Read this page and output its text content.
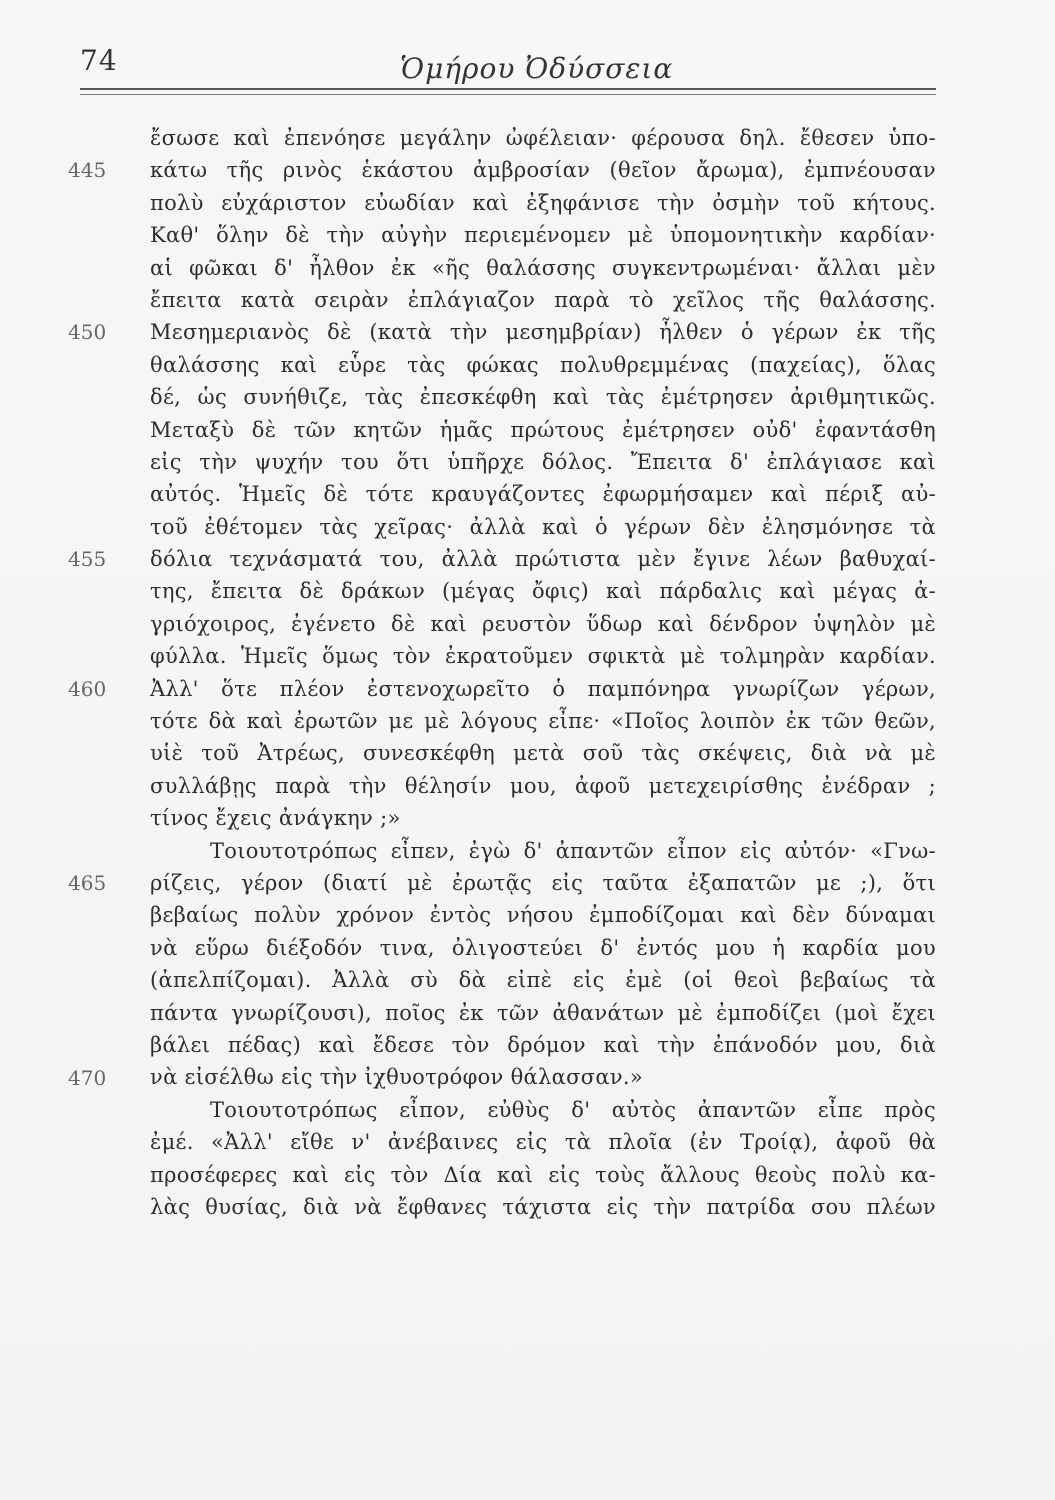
74	Ὁμήρου Ὀδύσσεια
445
450
455
460
465
470
ἔσωσε καὶ ἐπενόησε μεγάλην ὠφέλειαν· φέρουσα δηλ. ἔθεσεν ὑπο-
κάτω τῆς ρινὸς ἑκάστου ἀμβροσίαν (θεῖον ἄρωμα), ἐμπνέουσαν
πολὺ εὐχάριστον εὐωδίαν καὶ ἐξηφάνισε τὴν ὀσμὴν τοῦ κήτους.
Καθ' ὅλην δὲ τὴν αὐγὴν περιεμένομεν μὲ ὑπομονητικὴν καρδίαν·
αἱ φῶκαι δ' ἦλθον ἐκ «ῆς θαλάσσης συγκεντρωμέναι· ἄλλαι μὲν
ἔπειτα κατὰ σειρὰν ἐπλάγιαζον παρὰ τὸ χεῖλος τῆς θαλάσσης.
Μεσημεριανὸς δὲ (κατὰ τὴν μεσημβρίαν) ἦλθεν ὁ γέρων ἐκ τῆς
θαλάσσης καὶ εὗρε τὰς φώκας πολυθρεμμένας (παχείας), ὅλας
δέ, ὡς συνήθιζε, τὰς ἐπεσκέφθη καὶ τὰς ἐμέτρησεν ἀριθμητικῶς.
Μεταξὺ δὲ τῶν κητῶν ἡμᾶς πρώτους ἐμέτρησεν οὐδ' ἐφαντάσθη
εἰς τὴν ψυχήν του ὅτι ὑπῆρχε δόλος. Ἔπειτα δ' ἐπλάγιασε καὶ
αὐτός. Ἡμεῖς δὲ τότε κραυγάζοντες ἐφωρμήσαμεν καὶ πέριξ αὐ-
τοῦ ἐθέτομεν τὰς χεῖρας· ἀλλὰ καὶ ὁ γέρων δὲν ἐλησμόνησε τὰ
δόλια τεχνάσματά του, ἀλλὰ πρώτιστα μὲν ἔγινε λέων βαθυχαί-
της, ἔπειτα δὲ δράκων (μέγας ὄφις) καὶ πάρδαλις καὶ μέγας ἀ-
γριόχοιρος, ἐγένετο δὲ καὶ ρευστὸν ὕδωρ καὶ δένδρον ὑψηλὸν μὲ
φύλλα. Ἡμεῖς ὅμως τὸν ἐκρατοῦμεν σφικτὰ μὲ τολμηρὰν καρδίαν.
Ἀλλ' ὅτε πλέον ἐστενοχωρεῖτο ὁ παμπόνηρα γνωρίζων γέρων,
τότε δὰ καὶ ἐρωτῶν με μὲ λόγους εἶπε· «Ποῖος λοιπὸν ἐκ τῶν θεῶν,
υἱὲ τοῦ Ἀτρέως, συνεσκέφθη μετὰ σοῦ τὰς σκέψεις, διὰ νὰ μὲ
συλλάβῃς παρὰ τὴν θέλησίν μου, ἀφοῦ μετεχειρίσθης ἐνέδραν ;
τίνος ἔχεις ἀνάγκην ;»
Τοιουτοτρόπως εἶπεν, ἐγὼ δ' ἀπαντῶν εἶπον εἰς αὐτόν· «Γνω-
ρίζεις, γέρον (διατί μὲ ἐρωτᾷς εἰς ταῦτα ἐξαπατῶν με ;), ὅτι
βεβαίως πολὺν χρόνον ἐντὸς νήσου ἐμποδίζομαι καὶ δὲν δύναμαι
νὰ εὕρω διέξοδόν τινα, ὀλιγοστεύει δ' ἐντός μου ἡ καρδία μου
(ἀπελπίζομαι). Ἀλλὰ σὺ δὰ εἰπὲ εἰς ἐμὲ (οἱ θεοὶ βεβαίως τὰ
πάντα γνωρίζουσι), ποῖος ἐκ τῶν ἀθανάτων μὲ ἐμποδίζει (μοὶ ἔχει
βάλει πέδας) καὶ ἔδεσε τὸν δρόμον καὶ τὴν ἐπάνοδόν μου, διὰ
νὰ εἰσέλθω εἰς τὴν ἰχθυοτρόφον θάλασσαν.»
Τοιουτοτρόπως εἶπον, εὐθὺς δ' αὐτὸς ἀπαντῶν εἶπε πρὸς
ἐμέ. «Ἀλλ' εἴθε ν' ἀνέβαινες εἰς τὰ πλοῖα (ἐν Τροίᾳ), ἀφοῦ θὰ
προσέφερες καὶ εἰς τὸν Δία καὶ εἰς τοὺς ἄλλους θεοὺς πολὺ κα-
λὰς θυσίας, διὰ νὰ ἔφθανες τάχιστα εἰς τὴν πατρίδα σου πλέων
